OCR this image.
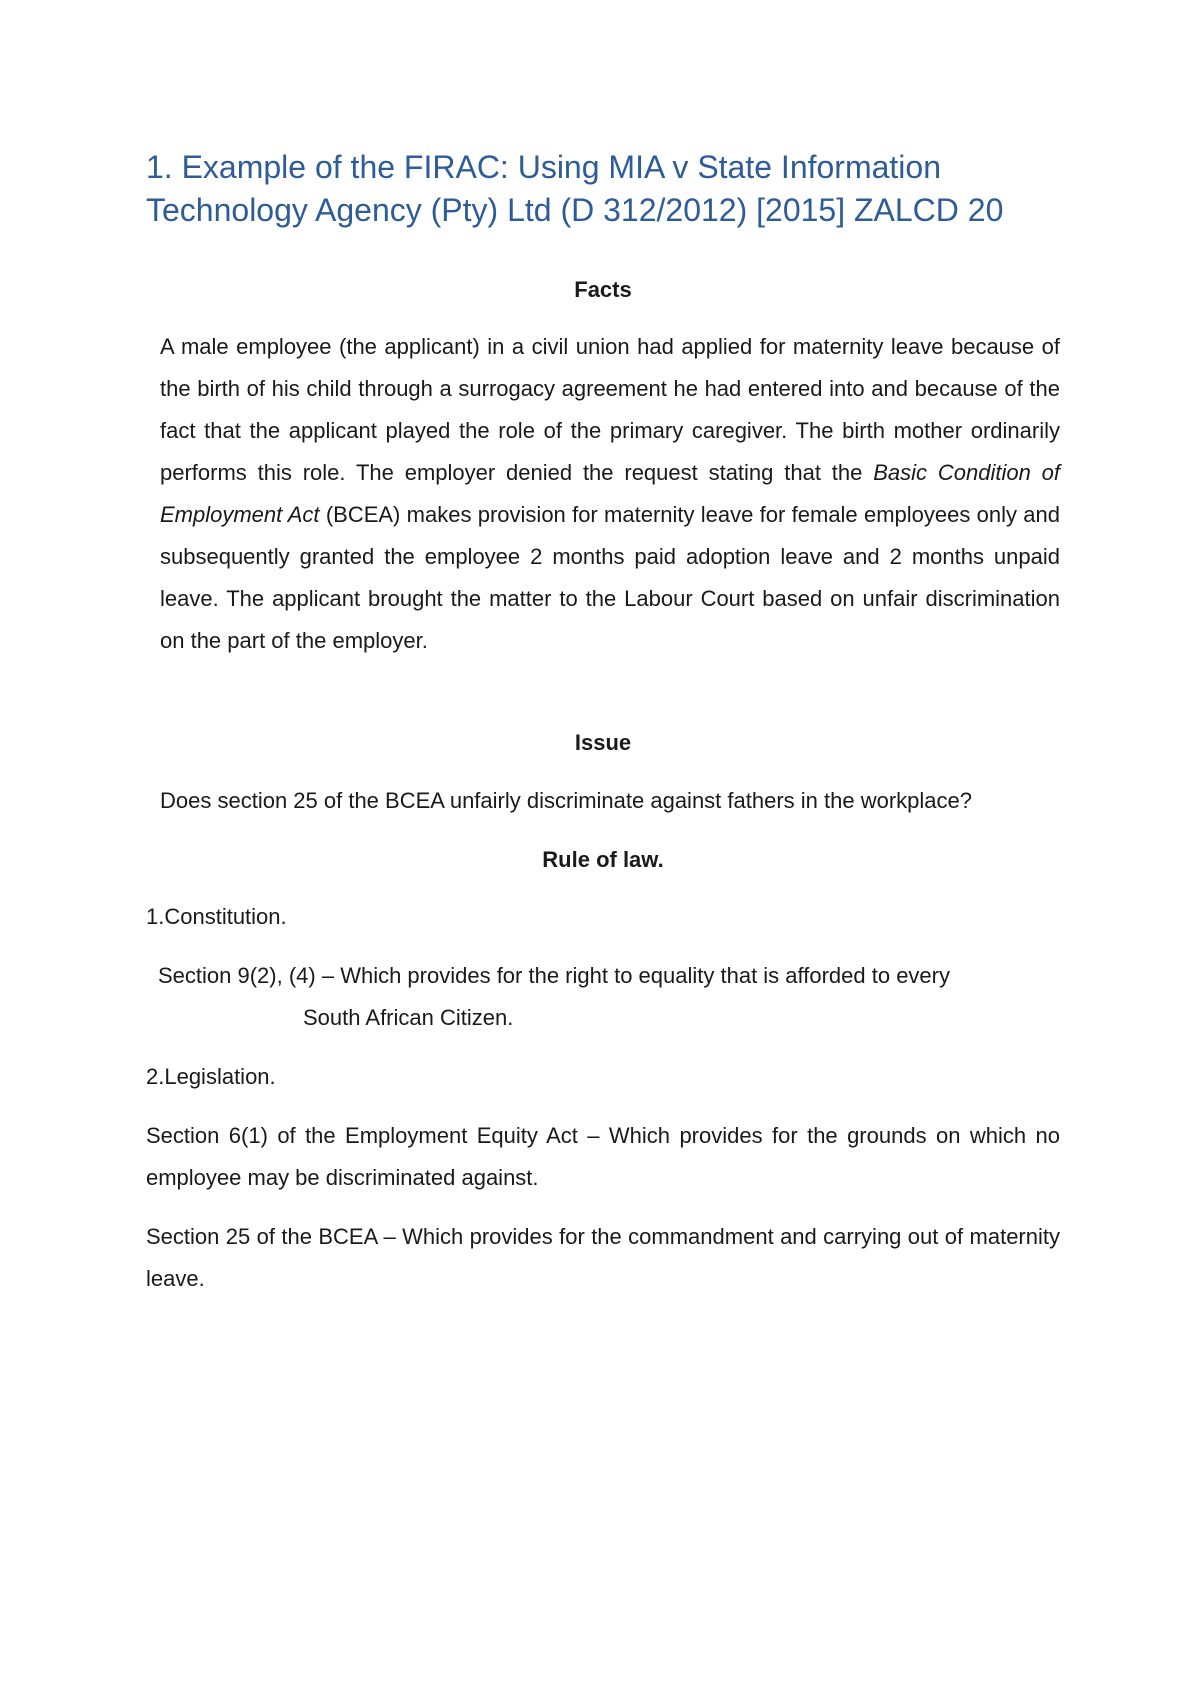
1. Example of the FIRAC: Using MIA v State Information Technology Agency (Pty) Ltd (D 312/2012) [2015] ZALCD 20
Facts

A male employee (the applicant) in a civil union had applied for maternity leave because of the birth of his child through a surrogacy agreement he had entered into and because of the fact that the applicant played the role of the primary caregiver. The birth mother ordinarily performs this role. The employer denied the request stating that the Basic Condition of Employment Act (BCEA) makes provision for maternity leave for female employees only and subsequently granted the employee 2 months paid adoption leave and 2 months unpaid leave. The applicant brought the matter to the Labour Court based on unfair discrimination on the part of the employer.

Issue

Does section 25 of the BCEA unfairly discriminate against fathers in the workplace?

Rule of law.

1.Constitution.

Section 9(2), (4) – Which provides for the right to equality that is afforded to every

South African Citizen.

2.Legislation.

Section 6(1) of the Employment Equity Act – Which provides for the grounds on which no employee may be discriminated against.

Section 25 of the BCEA – Which provides for the commandment and carrying out of maternity leave.
